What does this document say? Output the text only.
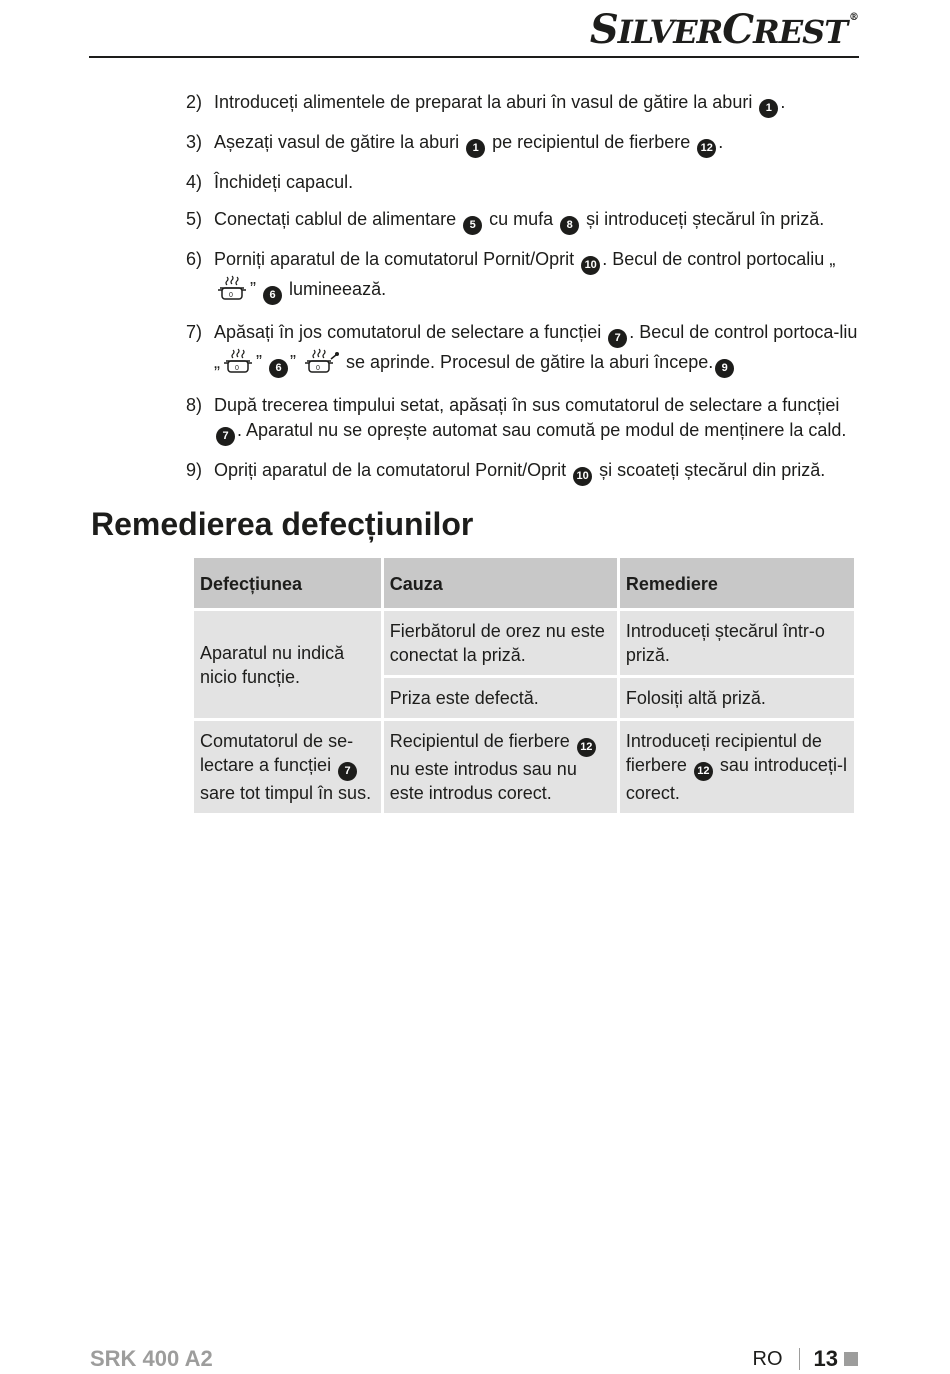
SILVERCREST ®
2) Introduceți alimentele de preparat la aburi în vasul de gătire la aburi 1 .
3) Așezați vasul de gătire la aburi 1 pe recipientul de fierbere 12 .
4) Închideți capacul.
5) Conectați cablul de alimentare 5 cu mufa 8 și introduceți ștecărul în priză.
6) Porniți aparatul de la comutatorul Pornit/Oprit 10 . Becul de control portocaliu „
0 ” 6 lumineează.
7) Apăsați în jos comutatorul de selectare a funcției 7 . Becul de control portoca-liu „ 0 ” 6 ” 0 se aprinde. Procesul de gătire la aburi începe. 9
8) După trecerea timpului setat, apăsați în sus comutatorul de selectare a funcției 7 . Aparatul nu se oprește automat sau comută pe modul de menținere la cald.
9) Opriți aparatul de la comutatorul Pornit/Oprit 10 și scoateți ștecărul din priză.
Remedierea defecțiunilor
Defecțiunea	Cauza	Remediere
Aparatul nu indică nicio funcție.	Fierbătorul de orez nu este conectat la priză.	Introduceți ștecărul într-o priză.
	Priza este defectă.	Folosiți altă priză.
Comutatorul de se-lectare a funcției 7 sare tot timpul în sus.	Recipientul de fierbere 12 nu este introdus sau nu este introdus corect.	Introduceți recipientul de fierbere 12 sau introduceți-l corect.
SRK 400 A2	RO 13
